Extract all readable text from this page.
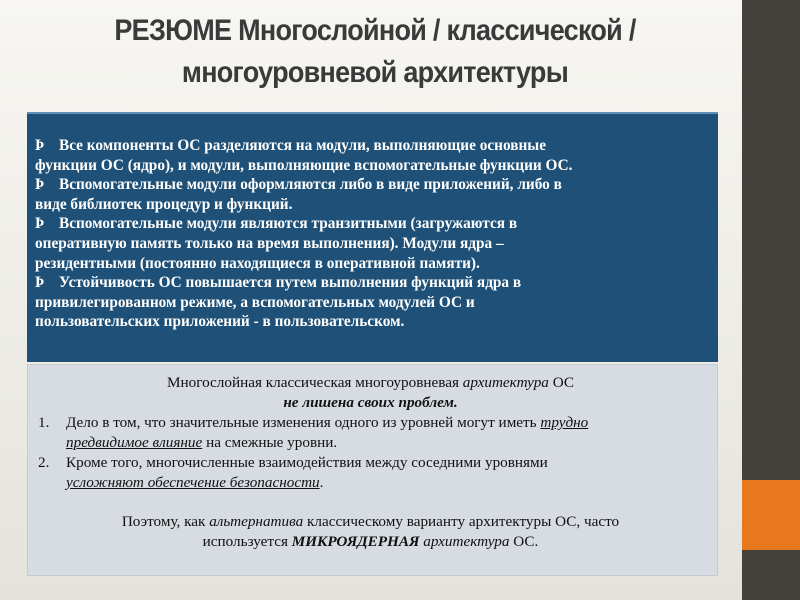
РЕЗЮМЕ Многослойной / классической /
многоуровневой архитектуры
Þ Все компоненты ОС разделяются на модули, выполняющие основные
функции ОС (ядро), и модули, выполняющие вспомогательные функции ОС.
Þ Вспомогательные модули оформляются либо в виде приложений, либо в
виде библиотек процедур и функций.
Þ Вспомогательные модули являются транзитными (загружаются в
оперативную память только на время выполнения). Модули ядра –
резидентными (постоянно находящиеся в оперативной памяти).
Þ Устойчивость ОС повышается путем выполнения функций ядра в
привилегированном режиме, а вспомогательных модулей ОС и
пользовательских приложений - в пользовательском.
Многослойная классическая многоуровневая архитектура ОС
не лишена своих проблем.
1.	Дело в том, что значительные изменения одного из уровней могут иметь трудно
предвидимое влияние на смежные уровни.
2.	Кроме того, многочисленные взаимодействия между соседними уровнями
усложняют обеспечение безопасности.
Поэтому, как альтернатива классическому варианту архитектуры ОС, часто
используется МИКРОЯДЕРНАЯ архитектура ОС.
